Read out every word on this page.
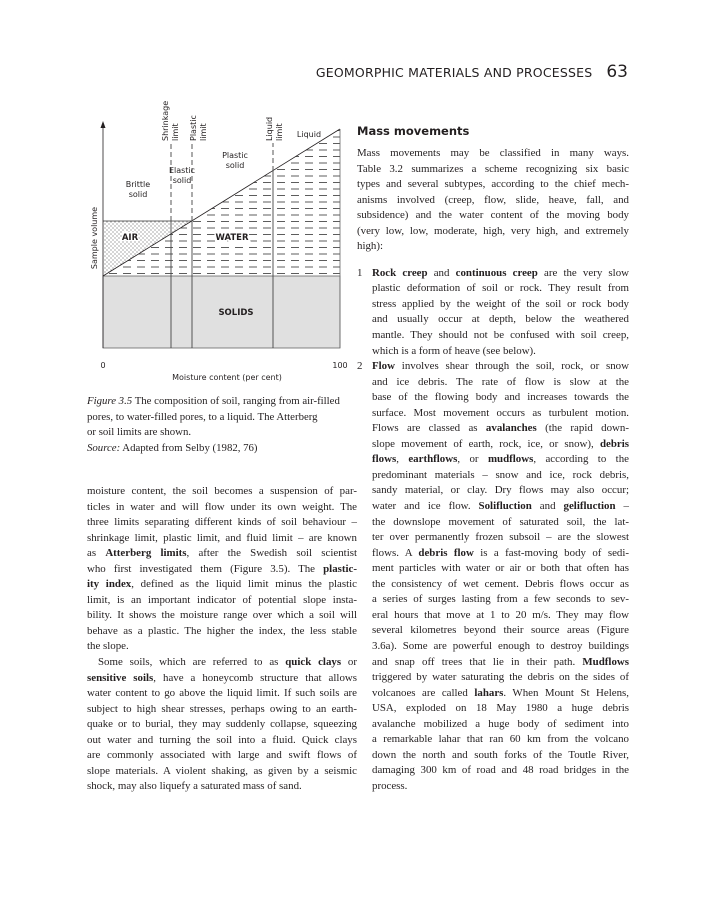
GEOMORPHIC MATERIALS AND PROCESSES 63
Shrinkage limit Plastic limit	Liquid limit Liquid
Plastic
solid
Elastic
solid
Brittle
solid
AIR	WATER
SOLIDS
Sample volume
0	100
Moisture content (per cent)
Figure 3.5 The composition of soil, ranging from air-filled
pores, to water-filled pores, to a liquid. The Atterberg
or soil limits are shown.
Source: Adapted from Selby (1982, 76)
moisture content, the soil becomes a suspension of par-
ticles in water and will flow under its own weight. The
three limits separating different kinds of soil behaviour –
shrinkage limit, plastic limit, and fluid limit – are known
as Atterberg limits, after the Swedish soil scientist
who first investigated them (Figure 3.5). The plastic-
ity index, defined as the liquid limit minus the plastic
limit, is an important indicator of potential slope insta-
bility. It shows the moisture range over which a soil will
behave as a plastic. The higher the index, the less stable
the slope.
Some soils, which are referred to as quick clays or
sensitive soils, have a honeycomb structure that allows
water content to go above the liquid limit. If such soils are
subject to high shear stresses, perhaps owing to an earth-
quake or to burial, they may suddenly collapse, squeezing
out water and turning the soil into a fluid. Quick clays
are commonly associated with large and swift flows of
slope materials. A violent shaking, as given by a seismic
shock, may also liquefy a saturated mass of sand.
Mass movements
Mass movements may be classified in many ways.
Table 3.2 summarizes a scheme recognizing six basic
types and several subtypes, according to the chief mech-
anisms involved (creep, flow, slide, heave, fall, and
subsidence) and the water content of the moving body
(very low, low, moderate, high, very high, and extremely
high):
1 Rock creep and continuous creep are the very slow
plastic deformation of soil or rock. They result from
stress applied by the weight of the soil or rock body
and usually occur at depth, below the weathered
mantle. They should not be confused with soil creep,
which is a form of heave (see below).
2 Flow involves shear through the soil, rock, or snow
and ice debris. The rate of flow is slow at the
base of the flowing body and increases towards the
surface. Most movement occurs as turbulent motion.
Flows are classed as avalanches (the rapid down-
slope movement of earth, rock, ice, or snow), debris
flows, earthflows, or mudflows, according to the
predominant materials – snow and ice, rock debris,
sandy material, or clay. Dry flows may also occur;
water and ice flow. Solifluction and gelifluction –
the downslope movement of saturated soil, the lat-
ter over permanently frozen subsoil – are the slowest
flows. A debris flow is a fast-moving body of sedi-
ment particles with water or air or both that often has
the consistency of wet cement. Debris flows occur as
a series of surges lasting from a few seconds to sev-
eral hours that move at 1 to 20 m/s. They may flow
several kilometres beyond their source areas (Figure
3.6a). Some are powerful enough to destroy buildings
and snap off trees that lie in their path. Mudflows
triggered by water saturating the debris on the sides of
volcanoes are called lahars. When Mount St Helens,
USA, exploded on 18 May 1980 a huge debris
avalanche mobilized a huge body of sediment into
a remarkable lahar that ran 60 km from the volcano
down the north and south forks of the Toutle River,
damaging 300 km of road and 48 road bridges in the
process.
